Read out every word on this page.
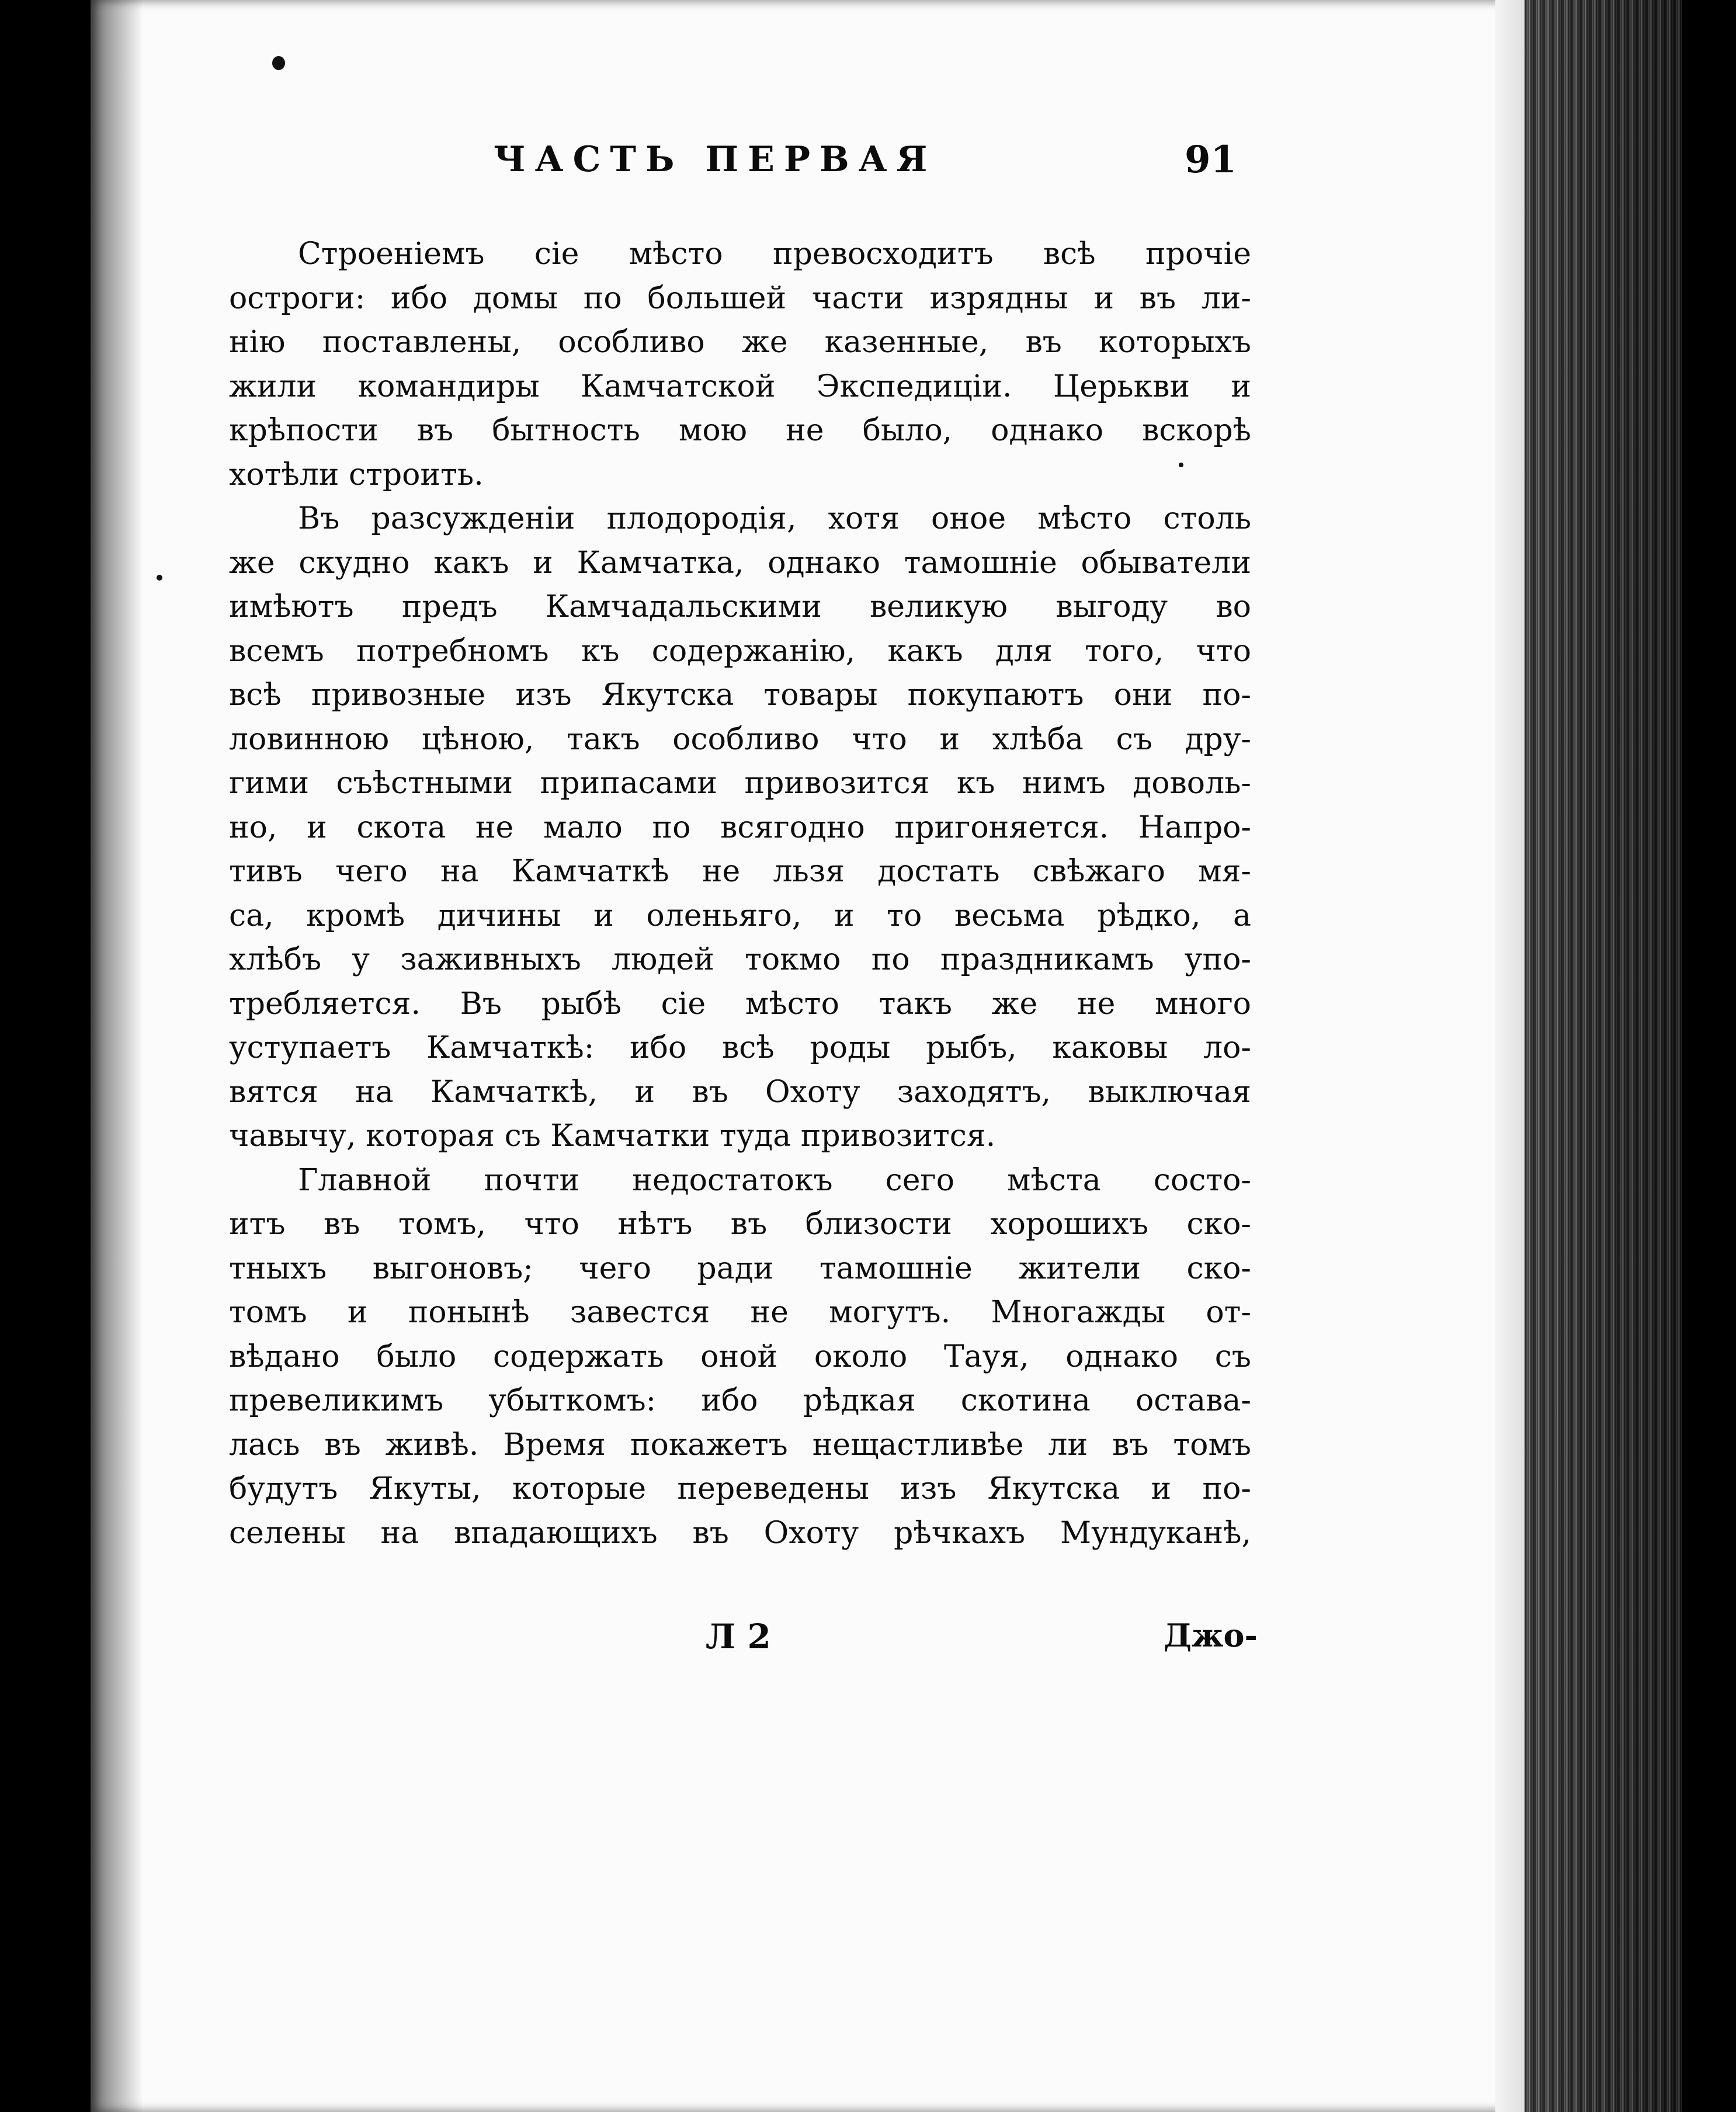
ЧАСТЬ ПЕРВАЯ	91
Строенiемъ сiе мѣсто превосходитъ всѣ прочiе
остроги: ибо домы по большей части изрядны и въ ли-
нiю поставлены, особливо же казенные, въ которыхъ
жили командиры Камчатской Экспедицiи. Церькви и
крѣпости въ бытность мою не было, однако вскорѣ
хотѣли строить.
Въ разсужденiи плодородiя, хотя оное мѣсто столь
же скудно какъ и Камчатка, однако тамошнiе обыватели
имѣютъ предъ Камчадальскими великую выгоду во
всемъ потребномъ къ содержанiю, какъ для того, что
всѣ привозные изъ Якутска товары покупаютъ они по-
ловинною цѣною, такъ особливо что и хлѣба съ дру-
гими съѣстными припасами привозится къ нимъ доволь-
но, и скота не мало по всягодно пригоняется. Напро-
тивъ чего на Камчаткѣ не льзя достать свѣжаго мя-
са, кромѣ дичины и оленьяго, и то весьма рѣдко, а
хлѣбъ у заживныхъ людей токмо по праздникамъ упо-
требляется. Въ рыбѣ сiе мѣсто такъ же не много
уступаетъ Камчаткѣ: ибо всѣ роды рыбъ, каковы ло-
вятся на Камчаткѣ, и въ Охоту заходятъ, выключая
чавычу, которая съ Камчатки туда привозится.
Главной почти недостатокъ сего мѣста состо-
итъ въ томъ, что нѣтъ въ близости хорошихъ ско-
тныхъ выгоновъ; чего ради тамошнiе жители ско-
томъ и понынѣ завестся не могутъ. Многажды от-
вѣдано было содержать оной около Тауя, однако съ
превеликимъ убыткомъ: ибо рѣдкая скотина оставa-
лась въ живѣ. Время покажетъ нещастливѣе ли въ томъ
будутъ Якуты, которые переведены изъ Якутска и по-
селены на впадающихъ въ Охоту рѣчкахъ Мундуканѣ,
Л 2	Джо-
